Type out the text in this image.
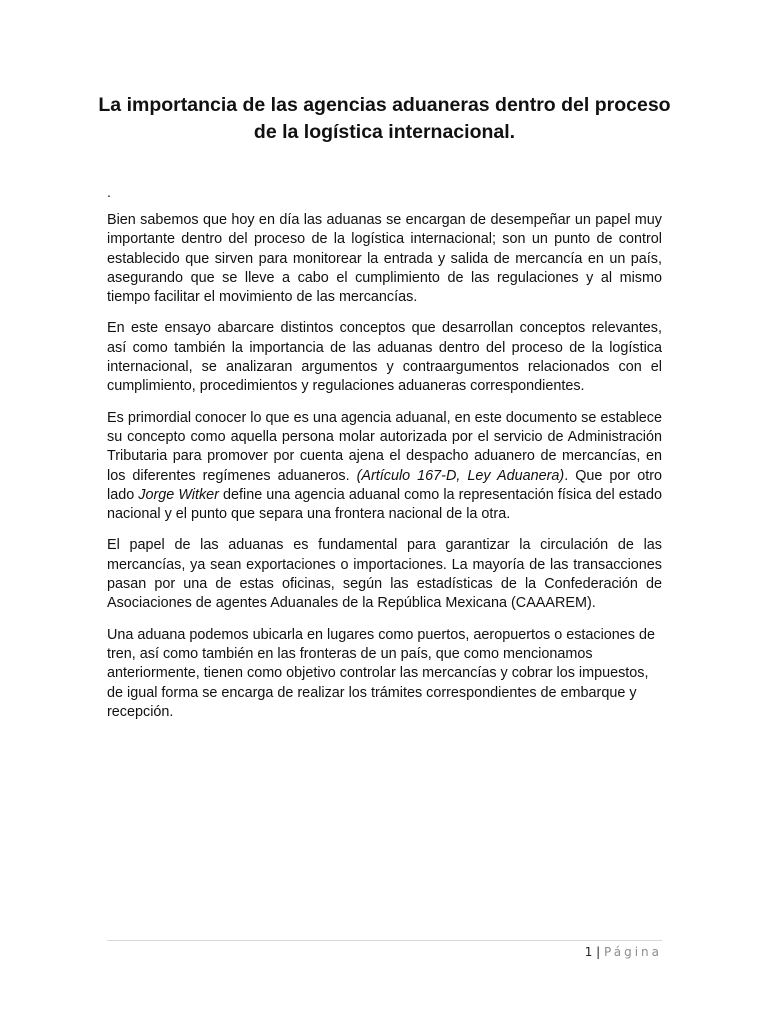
La importancia de las agencias aduaneras dentro del proceso de la logística internacional.

.

Bien sabemos que hoy en día las aduanas se encargan de desempeñar un papel muy importante dentro del proceso de la logística internacional; son un punto de control establecido que sirven para monitorear la entrada y salida de mercancía en un país, asegurando que se lleve a cabo el cumplimiento de las regulaciones y al mismo tiempo facilitar el movimiento de las mercancías.

En este ensayo abarcare distintos conceptos que desarrollan conceptos relevantes, así como también la importancia de las aduanas dentro del proceso de la logística internacional, se analizaran argumentos y contraargumentos relacionados con el cumplimiento, procedimientos y regulaciones aduaneras correspondientes.

Es primordial conocer lo que es una agencia aduanal, en este documento se establece su concepto como aquella persona molar autorizada por el servicio de Administración Tributaria para promover por cuenta ajena el despacho aduanero de mercancías, en los diferentes regímenes aduaneros. (Artículo 167-D, Ley Aduanera). Que por otro lado Jorge Witker define una agencia aduanal como la representación física del estado nacional y el punto que separa una frontera nacional de la otra.

El papel de las aduanas es fundamental para garantizar la circulación de las mercancías, ya sean exportaciones o importaciones. La mayoría de las transacciones pasan por una de estas oficinas, según las estadísticas de la Confederación de Asociaciones de agentes Aduanales de la República Mexicana (CAAAREM).

Una aduana podemos ubicarla en lugares como puertos, aeropuertos o estaciones de tren, así como también en las fronteras de un país, que como mencionamos anteriormente, tienen como objetivo controlar las mercancías y cobrar los impuestos, de igual forma se encarga de realizar los trámites correspondientes de embarque y recepción.

1 | Página
